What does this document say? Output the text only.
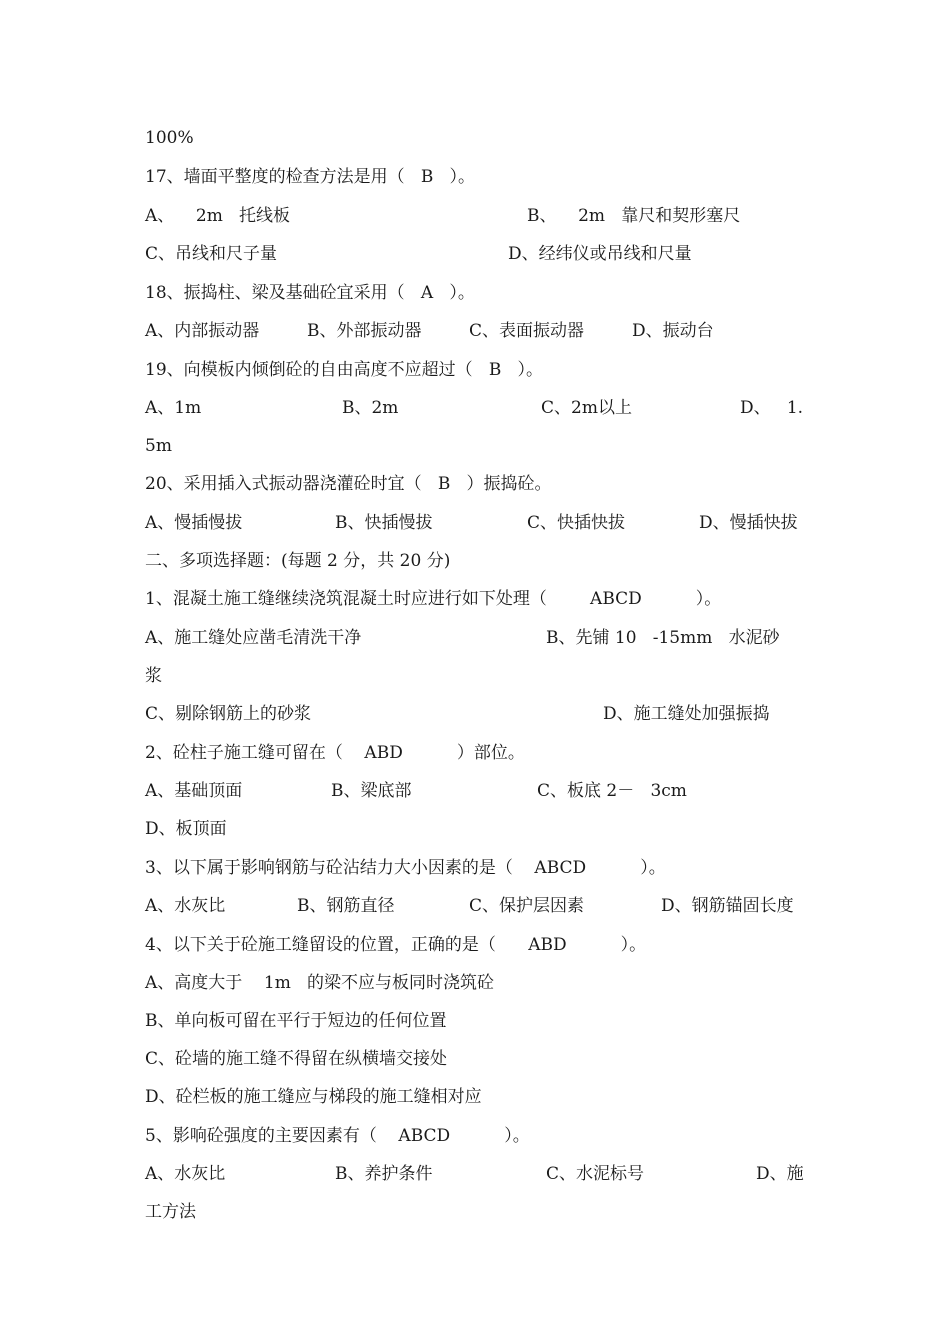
100%

17、墙面平整度的检查方法是用（   B   ）。

A、    2m   托线板

	B、    2m   靠尺和契形塞尺

C、吊线和尺子量

	D、经纬仪或吊线和尺量

18、振捣柱、梁及基础砼宜采用（   A   ）。

A、内部振动器

	B、外部振动器

	C、表面振动器

	D、振动台

19、向模板内倾倒砼的自由高度不应超过（   B   ）。

A、1m

	B、2m

	C、2m以上

	D、   1.

5m

20、采用插入式振动器浇灌砼时宜（   B   ）振捣砼。

A、慢插慢拔

	B、快插慢拔

	C、快插快拔

	D、慢插快拔

二、多项选择题：(每题 2 分，共 20 分)

1、混凝土施工缝继续浇筑混凝土时应进行如下处理（        ABCD          ）。

A、施工缝处应凿毛清洗干净

	B、先铺 10   -15mm   水泥砂

浆

C、剔除钢筋上的砂浆

	D、施工缝处加强振捣

2、砼柱子施工缝可留在（    ABD          ）部位。

A、基础顶面

	B、梁底部

	C、板底 2－   3cm

D、板顶面

3、以下属于影响钢筋与砼沾结力大小因素的是（    ABCD          ）。

A、水灰比

	B、钢筋直径

	C、保护层因素

	D、钢筋锚固长度

4、以下关于砼施工缝留设的位置，正确的是（      ABD          ）。

A、高度大于    1m   的梁不应与板同时浇筑砼

B、单向板可留在平行于短边的任何位置

C、砼墙的施工缝不得留在纵横墙交接处

D、砼栏板的施工缝应与梯段的施工缝相对应

5、影响砼强度的主要因素有（    ABCD          ）。

A、水灰比

	B、养护条件

	C、水泥标号

	D、施

工方法
